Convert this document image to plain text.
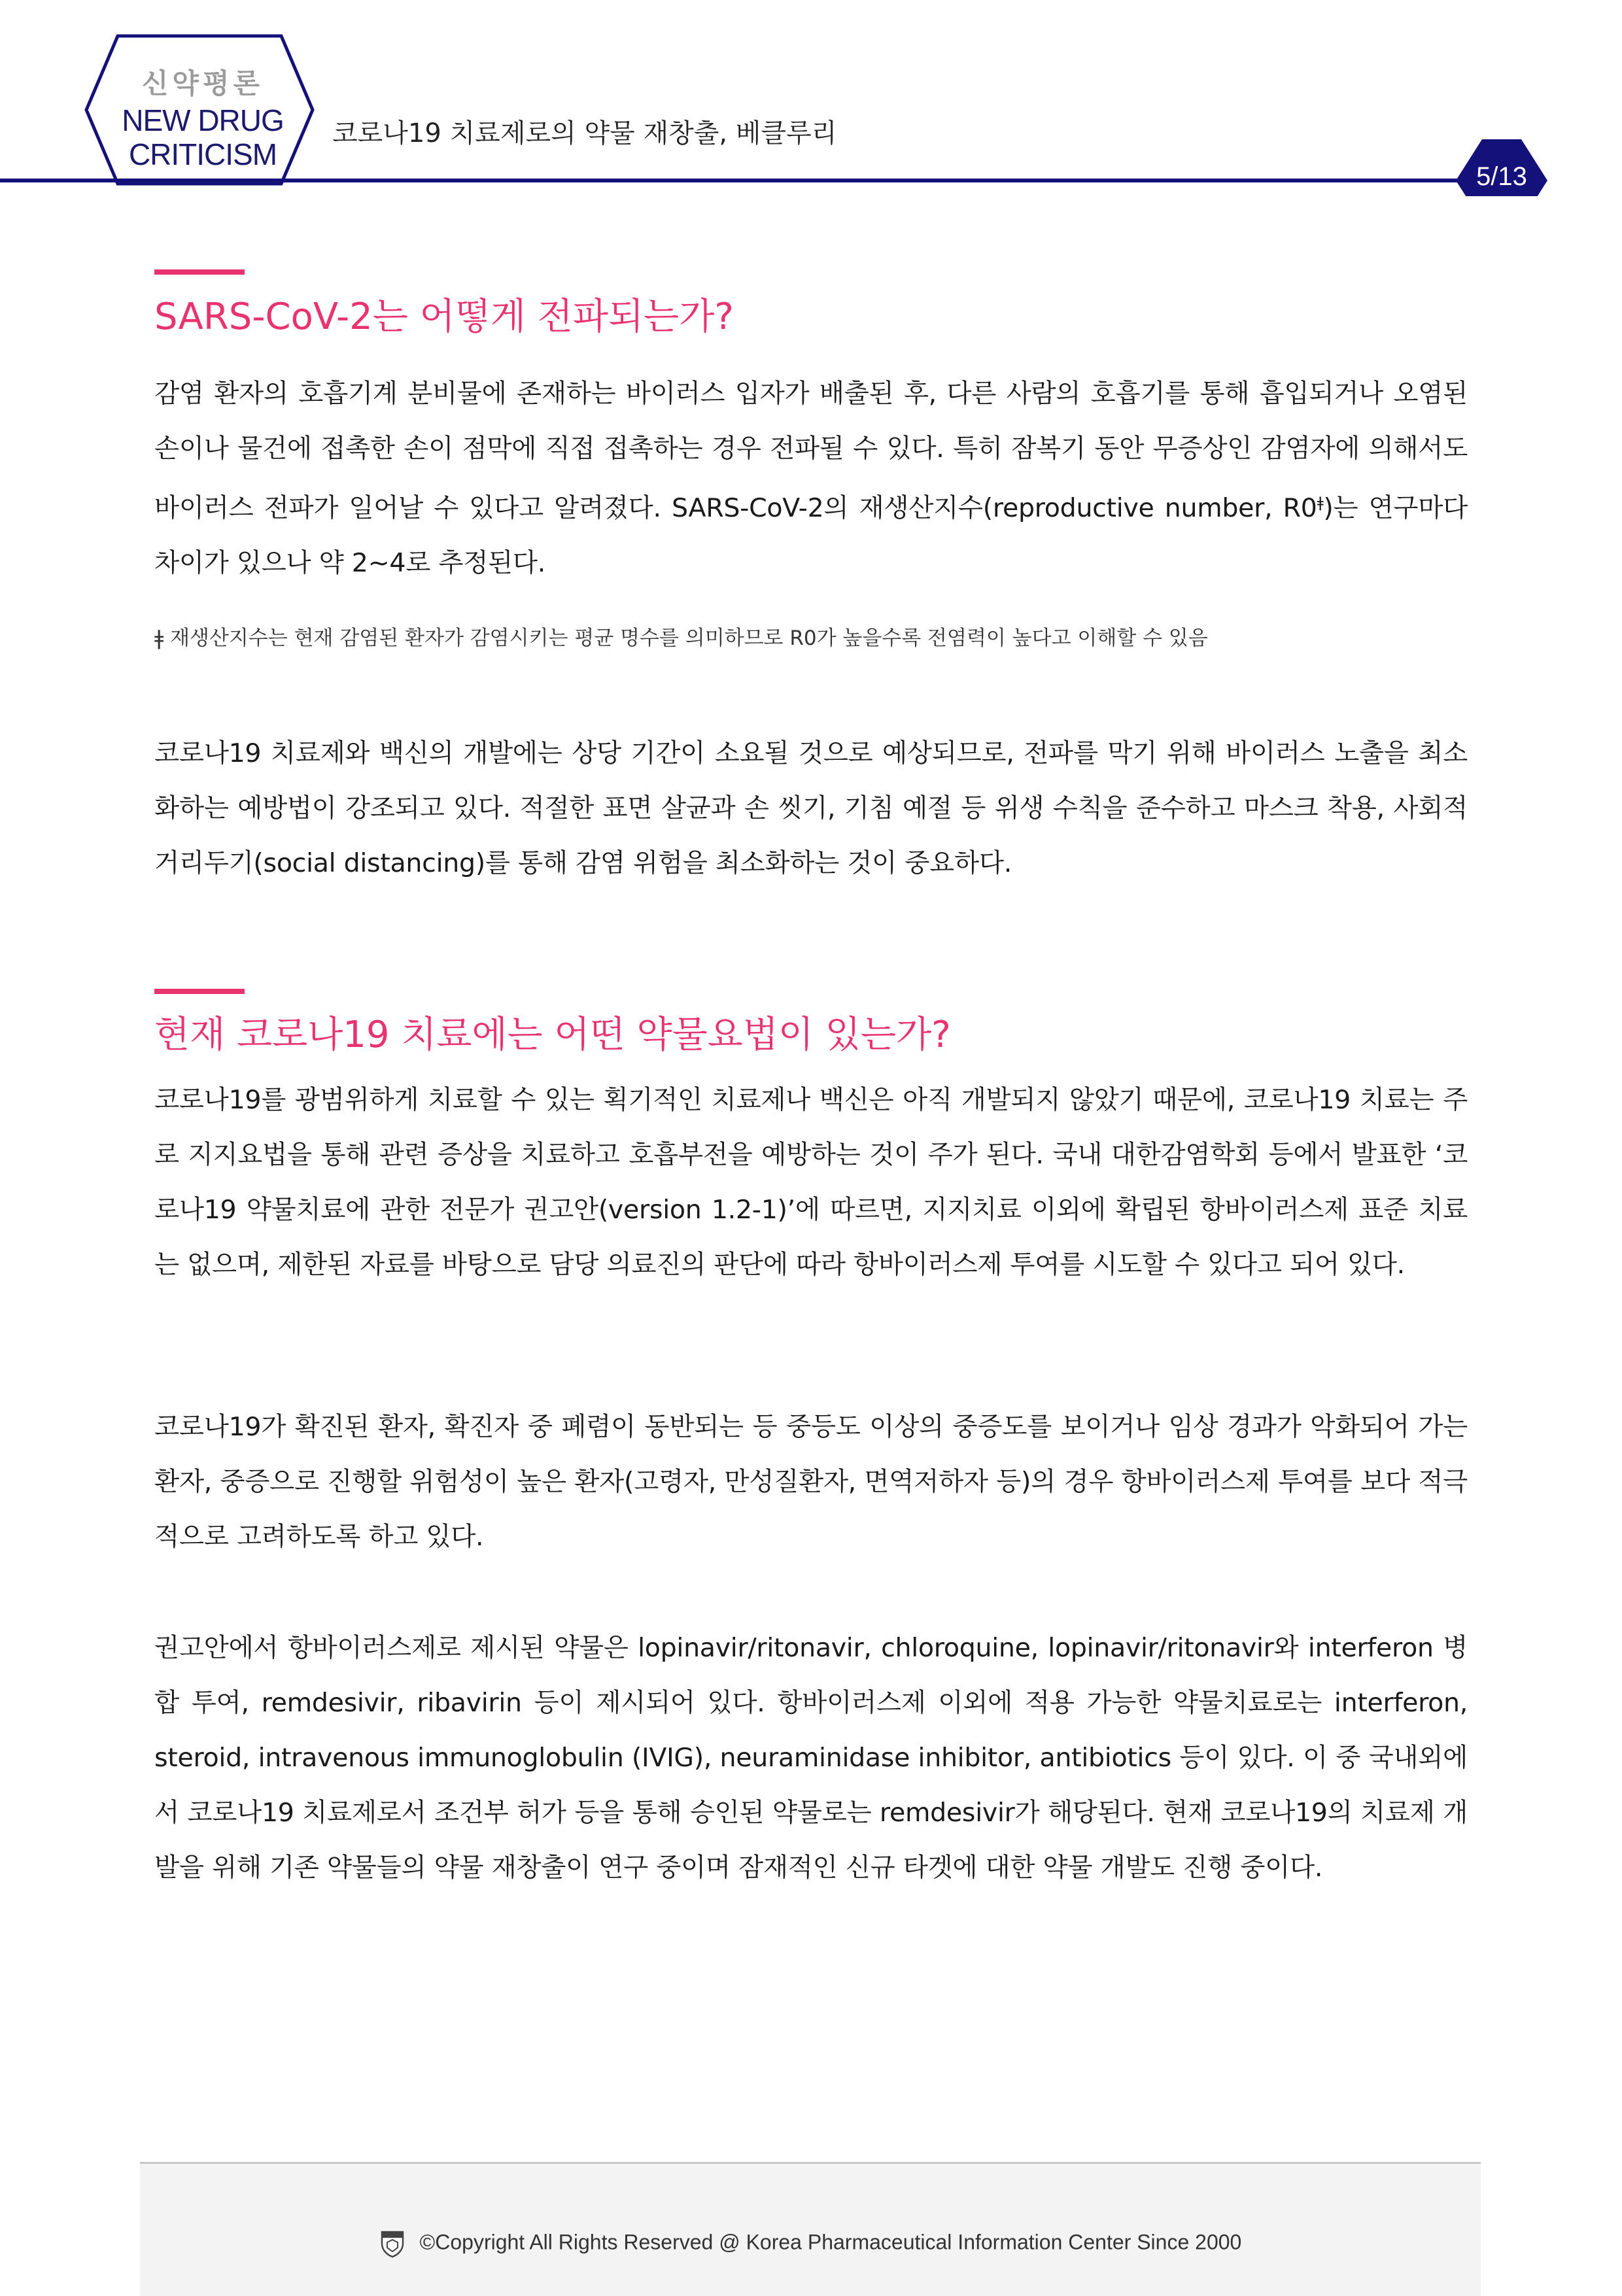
신약평론
NEW DRUG
CRITICISM
코로나19 치료제로의 약물 재창출, 베클루리
5/13
SARS-CoV-2는 어떻게 전파되는가?

감염 환자의 호흡기계 분비물에 존재하는 바이러스 입자가 배출된 후, 다른 사람의 호흡기를 통해 흡입되거나 오염된 손이나 물건에 접촉한 손이 점막에 직접 접촉하는 경우 전파될 수 있다. 특히 잠복기 동안 무증상인 감염자에 의해서도 바이러스 전파가 일어날 수 있다고 알려졌다. SARS-CoV-2의 재생산지수(reproductive number, $R0^ǂ$)는 연구마다 차이가 있으나 약 2~4로 추정된다.

ǂ 재생산지수는 현재 감염된 환자가 감염시키는 평균 명수를 의미하므로 R0가 높을수록 전염력이 높다고 이해할 수 있음

코로나19 치료제와 백신의 개발에는 상당 기간이 소요될 것으로 예상되므로, 전파를 막기 위해 바이러스 노출을 최소화하는 예방법이 강조되고 있다. 적절한 표면 살균과 손 씻기, 기침 예절 등 위생 수칙을 준수하고 마스크 착용, 사회적 거리두기(social distancing)를 통해 감염 위험을 최소화하는 것이 중요하다.

현재 코로나19 치료에는 어떤 약물요법이 있는가?

코로나19를 광범위하게 치료할 수 있는 획기적인 치료제나 백신은 아직 개발되지 않았기 때문에, 코로나19 치료는 주로 지지요법을 통해 관련 증상을 치료하고 호흡부전을 예방하는 것이 주가 된다. 국내 대한감염학회 등에서 발표한 ‘코로나19 약물치료에 관한 전문가 권고안(version 1.2-1)’에 따르면, 지지치료 이외에 확립된 항바이러스제 표준 치료는 없으며, 제한된 자료를 바탕으로 담당 의료진의 판단에 따라 항바이러스제 투여를 시도할 수 있다고 되어 있다.

코로나19가 확진된 환자, 확진자 중 폐렴이 동반되는 등 중등도 이상의 중증도를 보이거나 임상 경과가 악화되어 가는 환자, 중증으로 진행할 위험성이 높은 환자(고령자, 만성질환자, 면역저하자 등)의 경우 항바이러스제 투여를 보다 적극적으로 고려하도록 하고 있다.

권고안에서 항바이러스제로 제시된 약물은 lopinavir/ritonavir, chloroquine, lopinavir/ritonavir와 interferon 병합 투여, remdesivir, ribavirin 등이 제시되어 있다. 항바이러스제 이외에 적용 가능한 약물치료로는 interferon, steroid, intravenous immunoglobulin (IVIG), neuraminidase inhibitor, antibiotics 등이 있다. 이 중 국내외에서 코로나19 치료제로서 조건부 허가 등을 통해 승인된 약물로는 remdesivir가 해당된다. 현재 코로나19의 치료제 개발을 위해 기존 약물들의 약물 재창출이 연구 중이며 잠재적인 신규 타겟에 대한 약물 개발도 진행 중이다.

©Copyright All Rights Reserved @ Korea Pharmaceutical Information Center Since 2000
